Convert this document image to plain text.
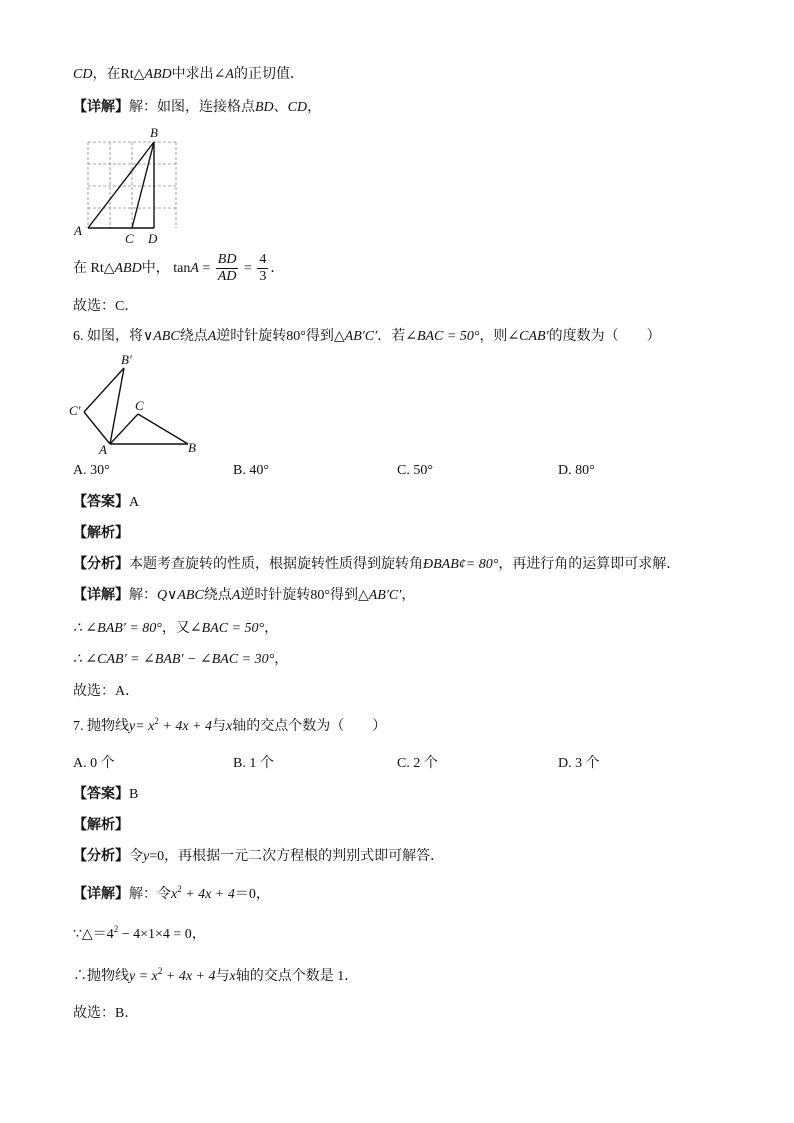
CD，在Rt△ABD中求出∠A的正切值．
【详解】解：如图，连接格点BD、CD，
B
A
C D
在 Rt△ABD中， $\tan A = \frac{BD}{AD} = \frac{4}{3}$ ．
故选：C．
6. 如图，将∨ABC绕点A逆时针旋转80°得到△AB′C′．若∠BAC = 50°，则∠CAB′的度数为（　　）
B′
C′	C
A	B
A. 30°	B. 40°	C. 50°	D. 80°
【答案】A
【解析】
【分析】本题考查旋转的性质，根据旋转性质得到旋转角ÐBAB¢= 80°，再进行角的运算即可求解．
【详解】解：Q∨ABC绕点A逆时针旋转80°得到△AB′C′，
∴ ∠BAB′ = 80°，又∠BAC = 50°，
∴ ∠CAB′ = ∠BAB′ − ∠BAC = 30°，
故选：A．
7. 抛物线$y= x^2 + 4x + 4$与x轴的交点个数为（　　）
A. 0 个	B. 1 个	C. 2 个	D. 3 个
【答案】B
【解析】
【分析】令y=0，再根据一元二次方程根的判别式即可解答．
【详解】解：令$x^2 + 4x + 4=0$，
$\because\triangle=4^2 - 4\times 1\times 4 = 0$，
∴抛物线$y = x^2 + 4x + 4$与x轴的交点个数是 1．
故选：B．
